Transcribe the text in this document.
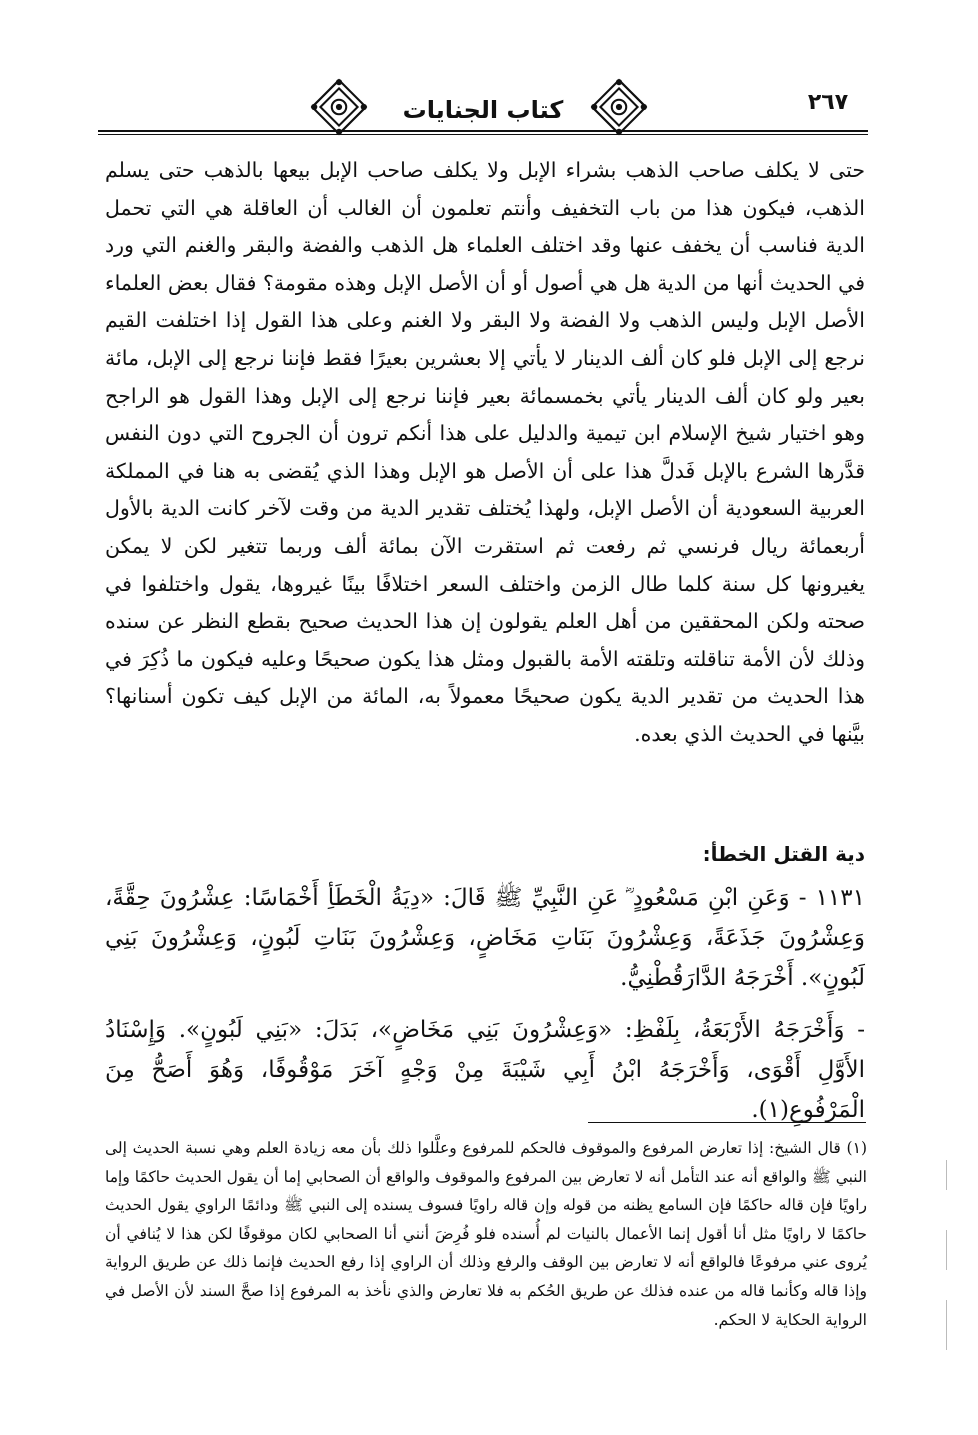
٢٦٧
كتاب الجنايات

حتى لا يكلف صاحب الذهب بشراء الإبل ولا يكلف صاحب الإبل بيعها بالذهب حتى يسلم الذهب، فيكون هذا من باب التخفيف وأنتم تعلمون أن الغالب أن العاقلة هي التي تحمل الدية فناسب أن يخفف عنها وقد اختلف العلماء هل الذهب والفضة والبقر والغنم التي ورد في الحديث أنها من الدية هل هي أصول أو أن الأصل الإبل وهذه مقومة؟ فقال بعض العلماء الأصل الإبل وليس الذهب ولا الفضة ولا البقر ولا الغنم وعلى هذا القول إذا اختلفت القيم نرجع إلى الإبل فلو كان ألف الدينار لا يأتي إلا بعشرين بعيرًا فقط فإننا نرجع إلى الإبل، مائة بعير ولو كان ألف الدينار يأتي بخمسمائة بعير فإننا نرجع إلى الإبل وهذا القول هو الراجح وهو اختيار شيخ الإسلام ابن تيمية والدليل على هذا أنكم ترون أن الجروح التي دون النفس قدَّرها الشرع بالإبل فَدلَّ هذا على أن الأصل هو الإبل وهذا الذي يُقضى به هنا في المملكة العربية السعودية أن الأصل الإبل، ولهذا يُختلف تقدير الدية من وقت لآخر كانت الدية بالأول أربعمائة ريال فرنسي ثم رفعت ثم استقرت الآن بمائة ألف وربما تتغير لكن لا يمكن يغيرونها كل سنة كلما طال الزمن واختلف السعر اختلافًا بينًا غيروها، يقول واختلفوا في صحته ولكن المحققين من أهل العلم يقولون إن هذا الحديث صحيح بقطع النظر عن سنده وذلك لأن الأمة تناقلته وتلقته الأمة بالقبول ومثل هذا يكون صحيحًا وعليه فيكون ما ذُكِرَ في هذا الحديث من تقدير الدية يكون صحيحًا معمولاً به، المائة من الإبل كيف تكون أسنانها؟ بيَّنها في الحديث الذي بعده.

دية القتل الخطأ:

١١٣١ - وَعَنِ ابْنِ مَسْعُودٍ ؓ عَنِ النَّبِيِّ ﷺ قَالَ: «دِيَةُ الْخَطَأِ أَخْمَاسًا: عِشْرُونَ حِقَّةً، وَعِشْرُونَ جَذَعَةً، وَعِشْرُونَ بَنَاتِ مَخَاضٍ، وَعِشْرُونَ بَنَاتِ لَبُونٍ، وَعِشْرُونَ بَنِي لَبُونٍ». أَخْرَجَهُ الدَّارَقُطْنِيُّ.

- وَأَخْرَجَهُ الأَرْبَعَةُ، بِلَفْظِ: «وَعِشْرُونَ بَنِي مَخَاضٍ»، بَدَلَ: «بَنِي لَبُونٍ». وَإِسْنَادُ الأَوَّلِ أَقْوَى، وَأَخْرَجَهُ ابْنُ أَبِي شَيْبَةَ مِنْ وَجْهٍ آخَرَ مَوْقُوفًا، وَهُوَ أَصَحُّ مِنَ الْمَرْفُوعِ(١).

(١) قال الشيخ: إذا تعارض المرفوع والموقوف فالحكم للمرفوع وعلَّلوا ذلك بأن معه زيادة العلم وهي نسبة الحديث إلى النبي ﷺ والواقع أنه عند التأمل أنه لا تعارض بين المرفوع والموقوف والواقع أن الصحابي إما أن يقول الحديث حاكمًا وإما راويًا فإن قاله حاكمًا فإن السامع يظنه من قوله وإن قاله راويًا فسوف يسنده إلى النبي ﷺ ودائمًا الراوي يقول الحديث حاكمًا لا راويًا مثل أنا أقول إنما الأعمال بالنيات لم أُسنده فلو فُرِضَ أنني أنا الصحابي لكان موقوفًا لكن هذا لا يُنافي أن يُروى عني مرفوعًا فالواقع أنه لا تعارض بين الوقف والرفع وذلك أن الراوي إذا رفع الحديث فإنما ذلك عن طريق الرواية وإذا قاله وكأنما قاله من عنده فذلك عن طريق الحُكم به فلا تعارض والذي نأخذ به المرفوع إذا صحَّ السند لأن الأصل في الرواية الحكاية لا الحكم.
